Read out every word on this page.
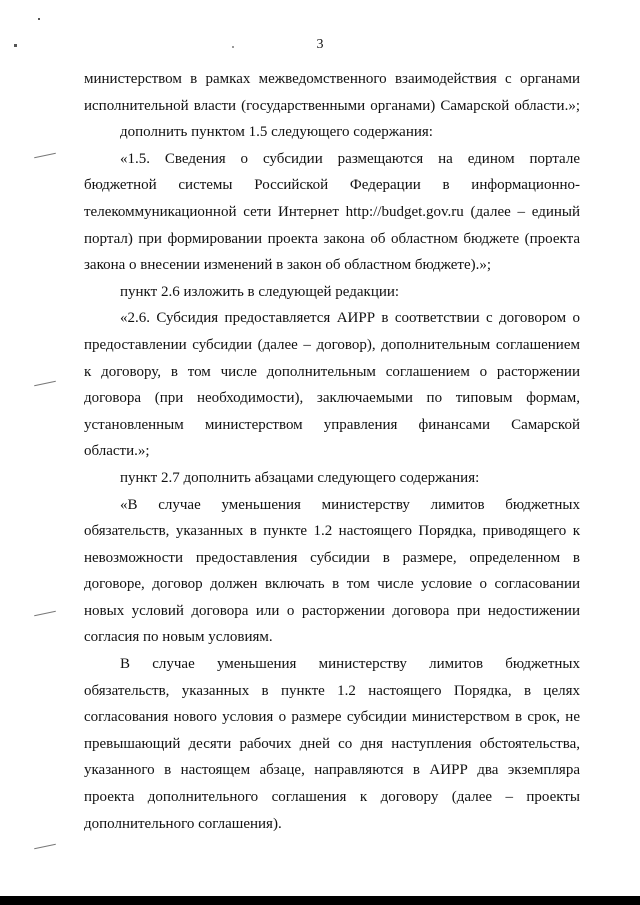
3
министерством в рамках межведомственного взаимодействия с органами
исполнительной власти (государственными органами) Самарской области.»;
дополнить пунктом 1.5 следующего содержания:
«1.5. Сведения о субсидии размещаются на едином портале
бюджетной системы Российской Федерации в информационно-
телекоммуникационной сети Интернет http://budget.gov.ru (далее – единый
портал) при формировании проекта закона об областном бюджете (проекта
закона о внесении изменений в закон об областном бюджете).»;
пункт 2.6 изложить в следующей редакции:
«2.6. Субсидия предоставляется АИРР в соответствии с договором о
предоставлении субсидии (далее – договор), дополнительным соглашением
к договору, в том числе дополнительным соглашением о расторжении
договора (при необходимости), заключаемыми по типовым формам,
установленным министерством управления финансами Самарской
области.»;
пункт 2.7 дополнить абзацами следующего содержания:
«В случае уменьшения министерству лимитов бюджетных
обязательств, указанных в пункте 1.2 настоящего Порядка, приводящего к
невозможности предоставления субсидии в размере, определенном в
договоре, договор должен включать в том числе условие о согласовании
новых условий договора или о расторжении договора при недостижении
согласия по новым условиям.
В случае уменьшения министерству лимитов бюджетных
обязательств, указанных в пункте 1.2 настоящего Порядка, в целях
согласования нового условия о размере субсидии министерством в срок, не
превышающий десяти рабочих дней со дня наступления обстоятельства,
указанного в настоящем абзаце, направляются в АИРР два экземпляра
проекта дополнительного соглашения к договору (далее – проекты
дополнительного соглашения).
